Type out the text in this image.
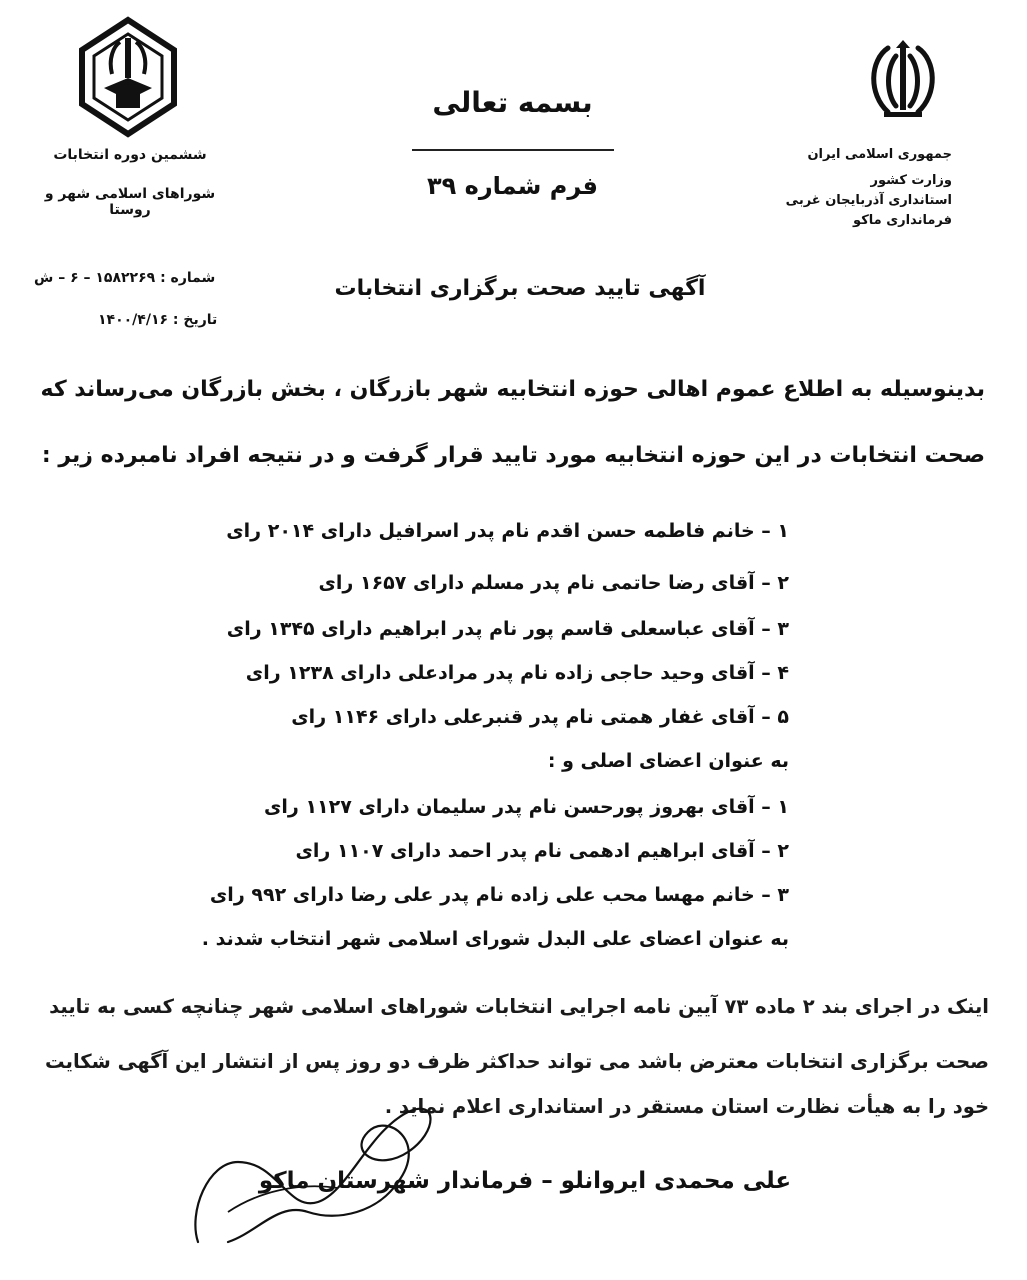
جمهوری اسلامی ایران
وزارت کشور
استانداری آذربایجان غربی
فرمانداری ماکو
ششمین دوره انتخابات
شوراهای اسلامی شهر و روستا
بسمه تعالی
فرم شماره ۳۹
شماره : ۱۵۸۲۲۶۹ – ۶ – ش
تاریخ : ۱۴۰۰/۴/۱۶
آگهی تایید صحت برگزاری انتخابات
بدینوسیله به اطلاع عموم اهالی حوزه انتخابیه شهر بازرگان ، بخش بازرگان می‌رساند که
صحت انتخابات در این حوزه انتخابیه مورد تایید قرار گرفت و در نتیجه افراد نامبرده زیر :
۱ – خانم فاطمه حسن اقدم نام پدر اسرافیل دارای ۲۰۱۴ رای
۲ – آقای رضا حاتمی نام پدر مسلم دارای ۱۶۵۷ رای
۳ – آقای عباسعلی قاسم پور نام پدر ابراهیم دارای ۱۳۴۵ رای
۴ – آقای وحید حاجی زاده نام پدر مرادعلی دارای ۱۲۳۸ رای
۵ – آقای غفار همتی نام پدر قنبرعلی دارای ۱۱۴۶ رای
به عنوان اعضای اصلی و :
۱ – آقای بهروز پورحسن نام پدر سلیمان دارای ۱۱۲۷ رای
۲ – آقای ابراهیم ادهمی نام پدر احمد دارای ۱۱۰۷ رای
۳ – خانم مهسا محب علی زاده نام پدر علی رضا دارای ۹۹۲ رای
به عنوان اعضای علی البدل شورای اسلامی شهر انتخاب شدند .
اینک در اجرای بند ۲ ماده ۷۳ آیین نامه اجرایی انتخابات شوراهای اسلامی شهر چنانچه کسی به تایید
صحت برگزاری انتخابات معترض باشد می تواند حداکثر ظرف دو روز پس از انتشار این آگهی شکایت
خود را به هیأت نظارت استان مستقر در استانداری اعلام نماید .
علی محمدی ایروانلو – فرماندار شهرستان ماکو
